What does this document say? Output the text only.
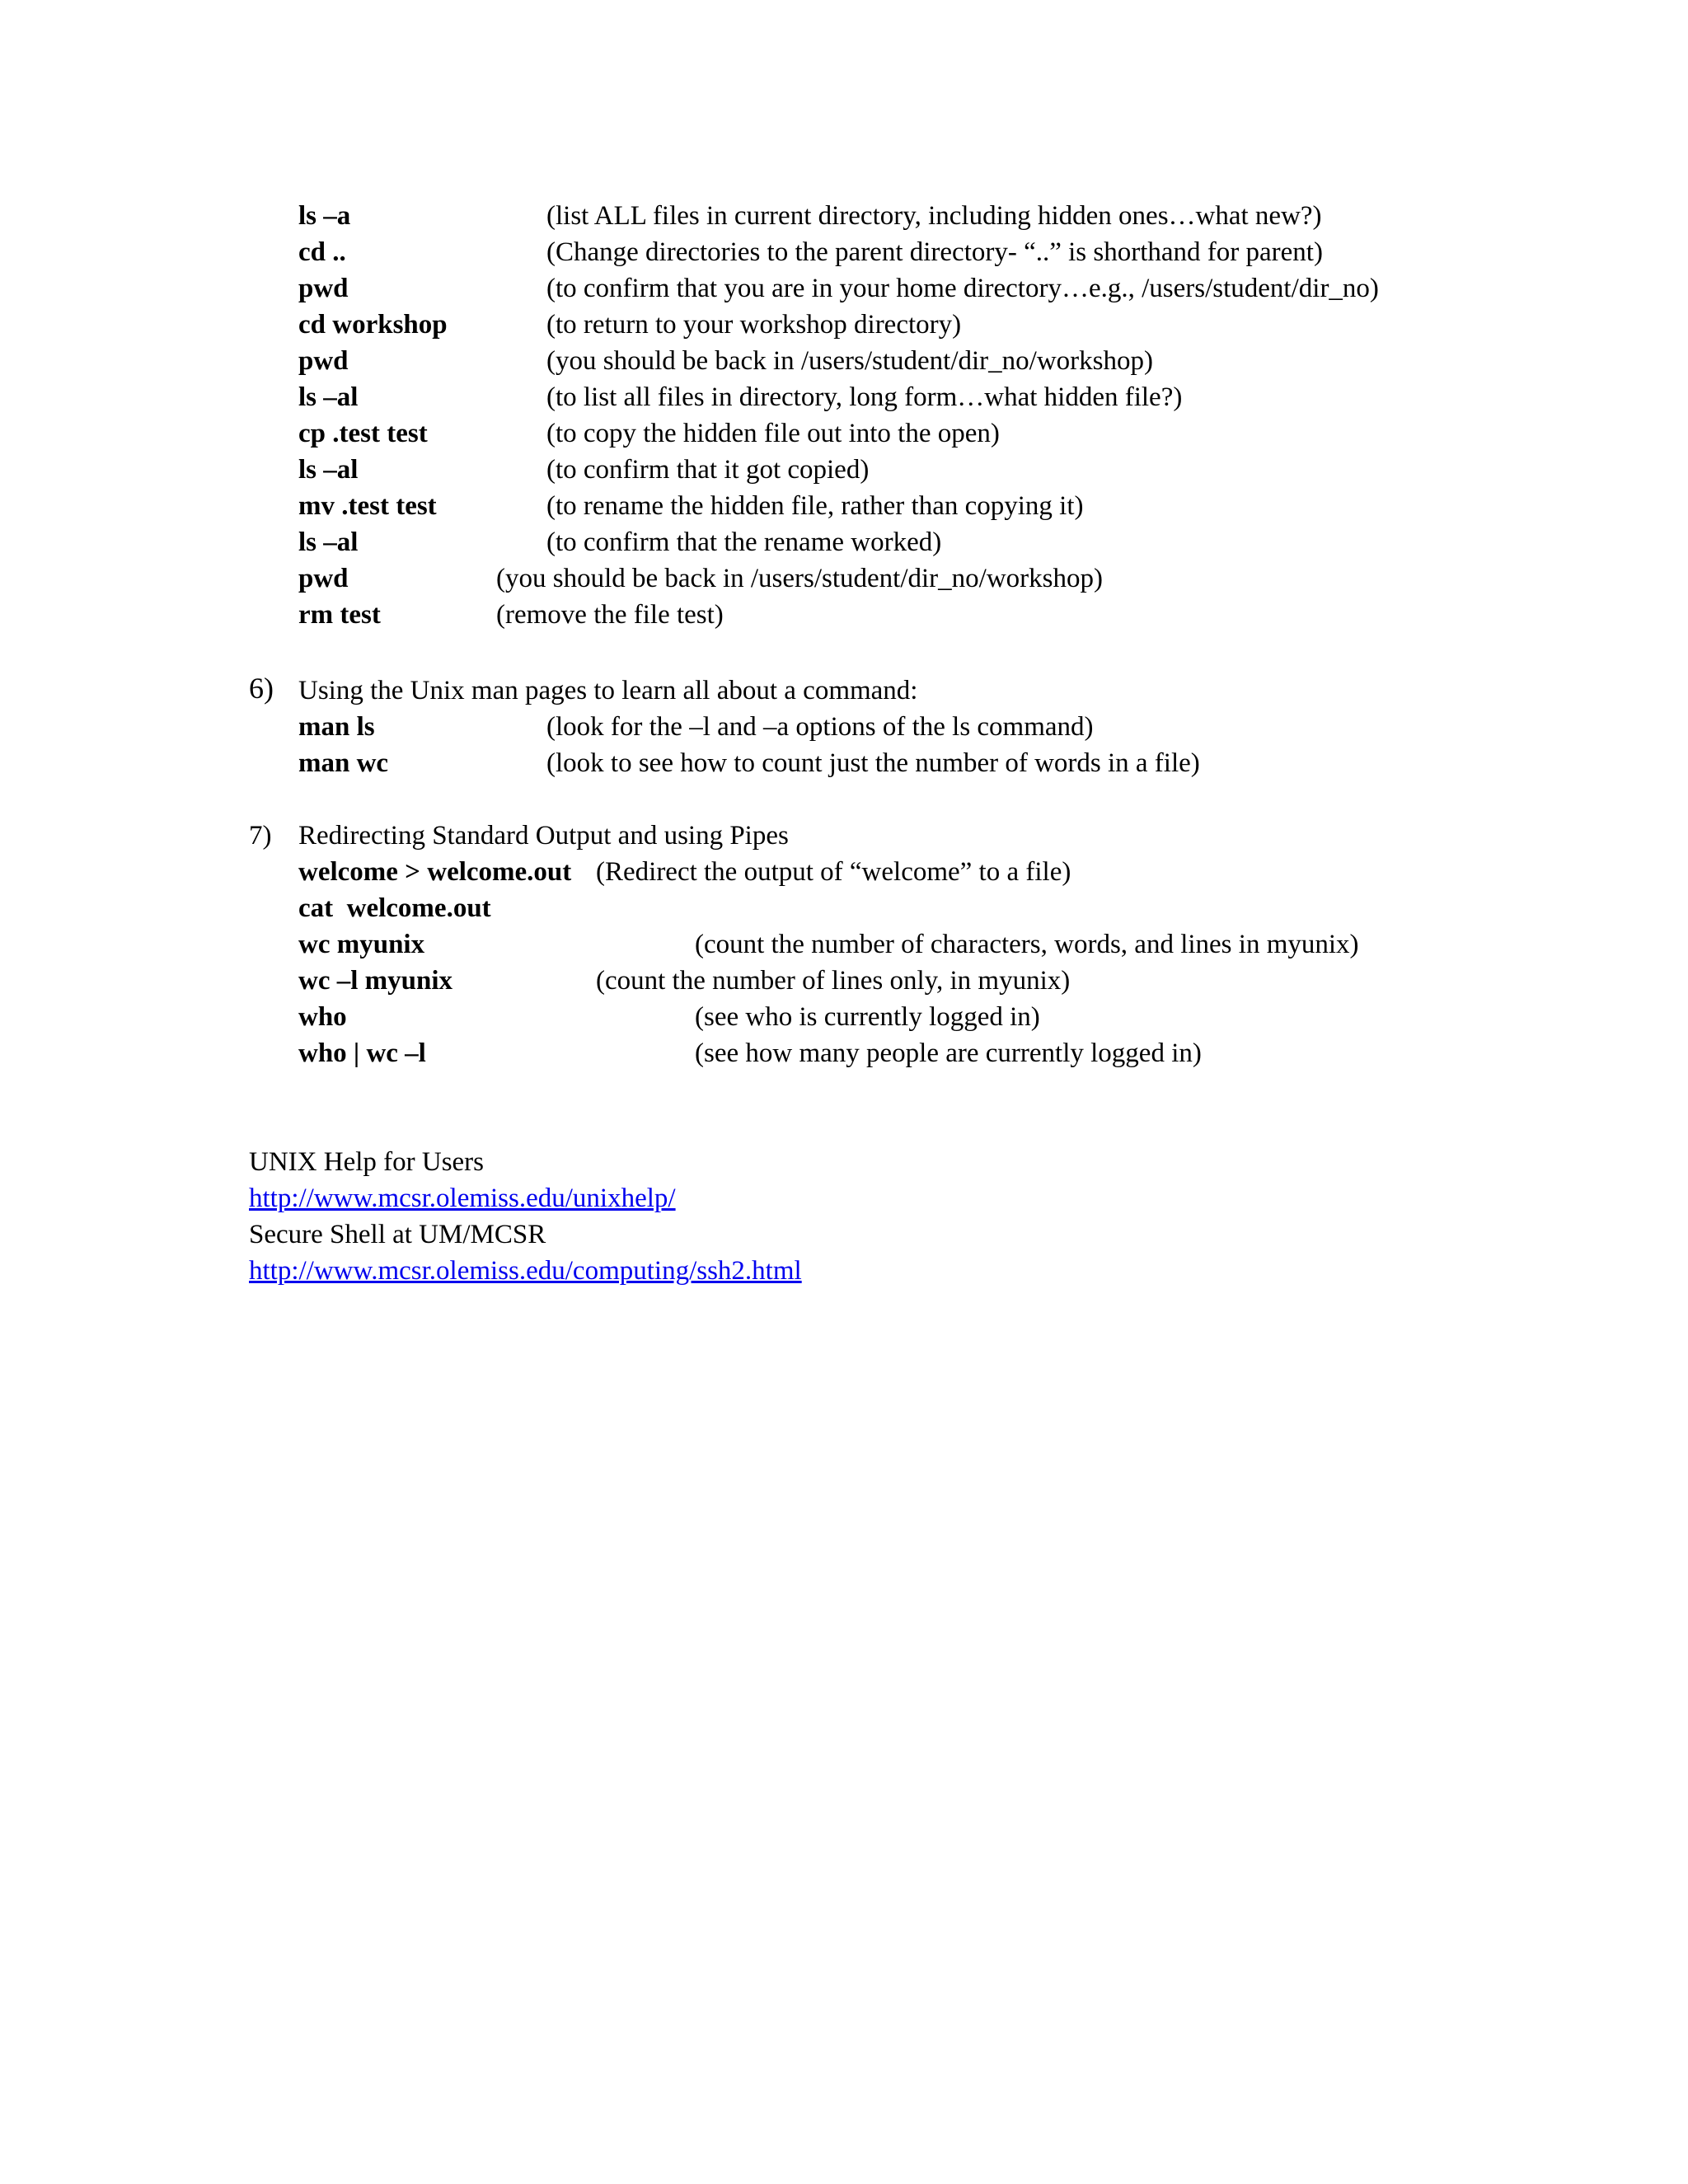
ls –a	(list ALL files in current directory, including hidden ones…what new?)
cd ..	(Change directories to the parent directory- “..” is shorthand for parent)
pwd	(to confirm that you are in your home directory…e.g., /users/student/dir_no)
cd workshop	(to return to your workshop directory)
pwd	(you should be back in /users/student/dir_no/workshop)
ls –al	(to list all files in directory, long form…what hidden file?)
cp .test test	(to copy the hidden file out into the open)
ls –al	(to confirm that it got copied)
mv .test test	(to rename the hidden file, rather than copying it)
ls –al	(to confirm that the rename worked)
pwd	(you should be back in /users/student/dir_no/workshop)
rm test	(remove the file test)
6) Using the Unix man pages to learn all about a command:
man ls	(look for the –l and –a options of the ls command)
man wc	(look to see how to count just the number of words in a file)
7) Redirecting Standard Output and using Pipes
welcome > welcome.out (Redirect the output of “welcome” to a file)
cat  welcome.out
wc myunix	(count the number of characters, words, and lines in myunix)
wc –l myunix	(count the number of lines only, in myunix)
who	(see who is currently logged in)
who | wc –l	(see how many people are currently logged in)
UNIX Help for Users
http://www.mcsr.olemiss.edu/unixhelp/
Secure Shell at UM/MCSR
http://www.mcsr.olemiss.edu/computing/ssh2.html
